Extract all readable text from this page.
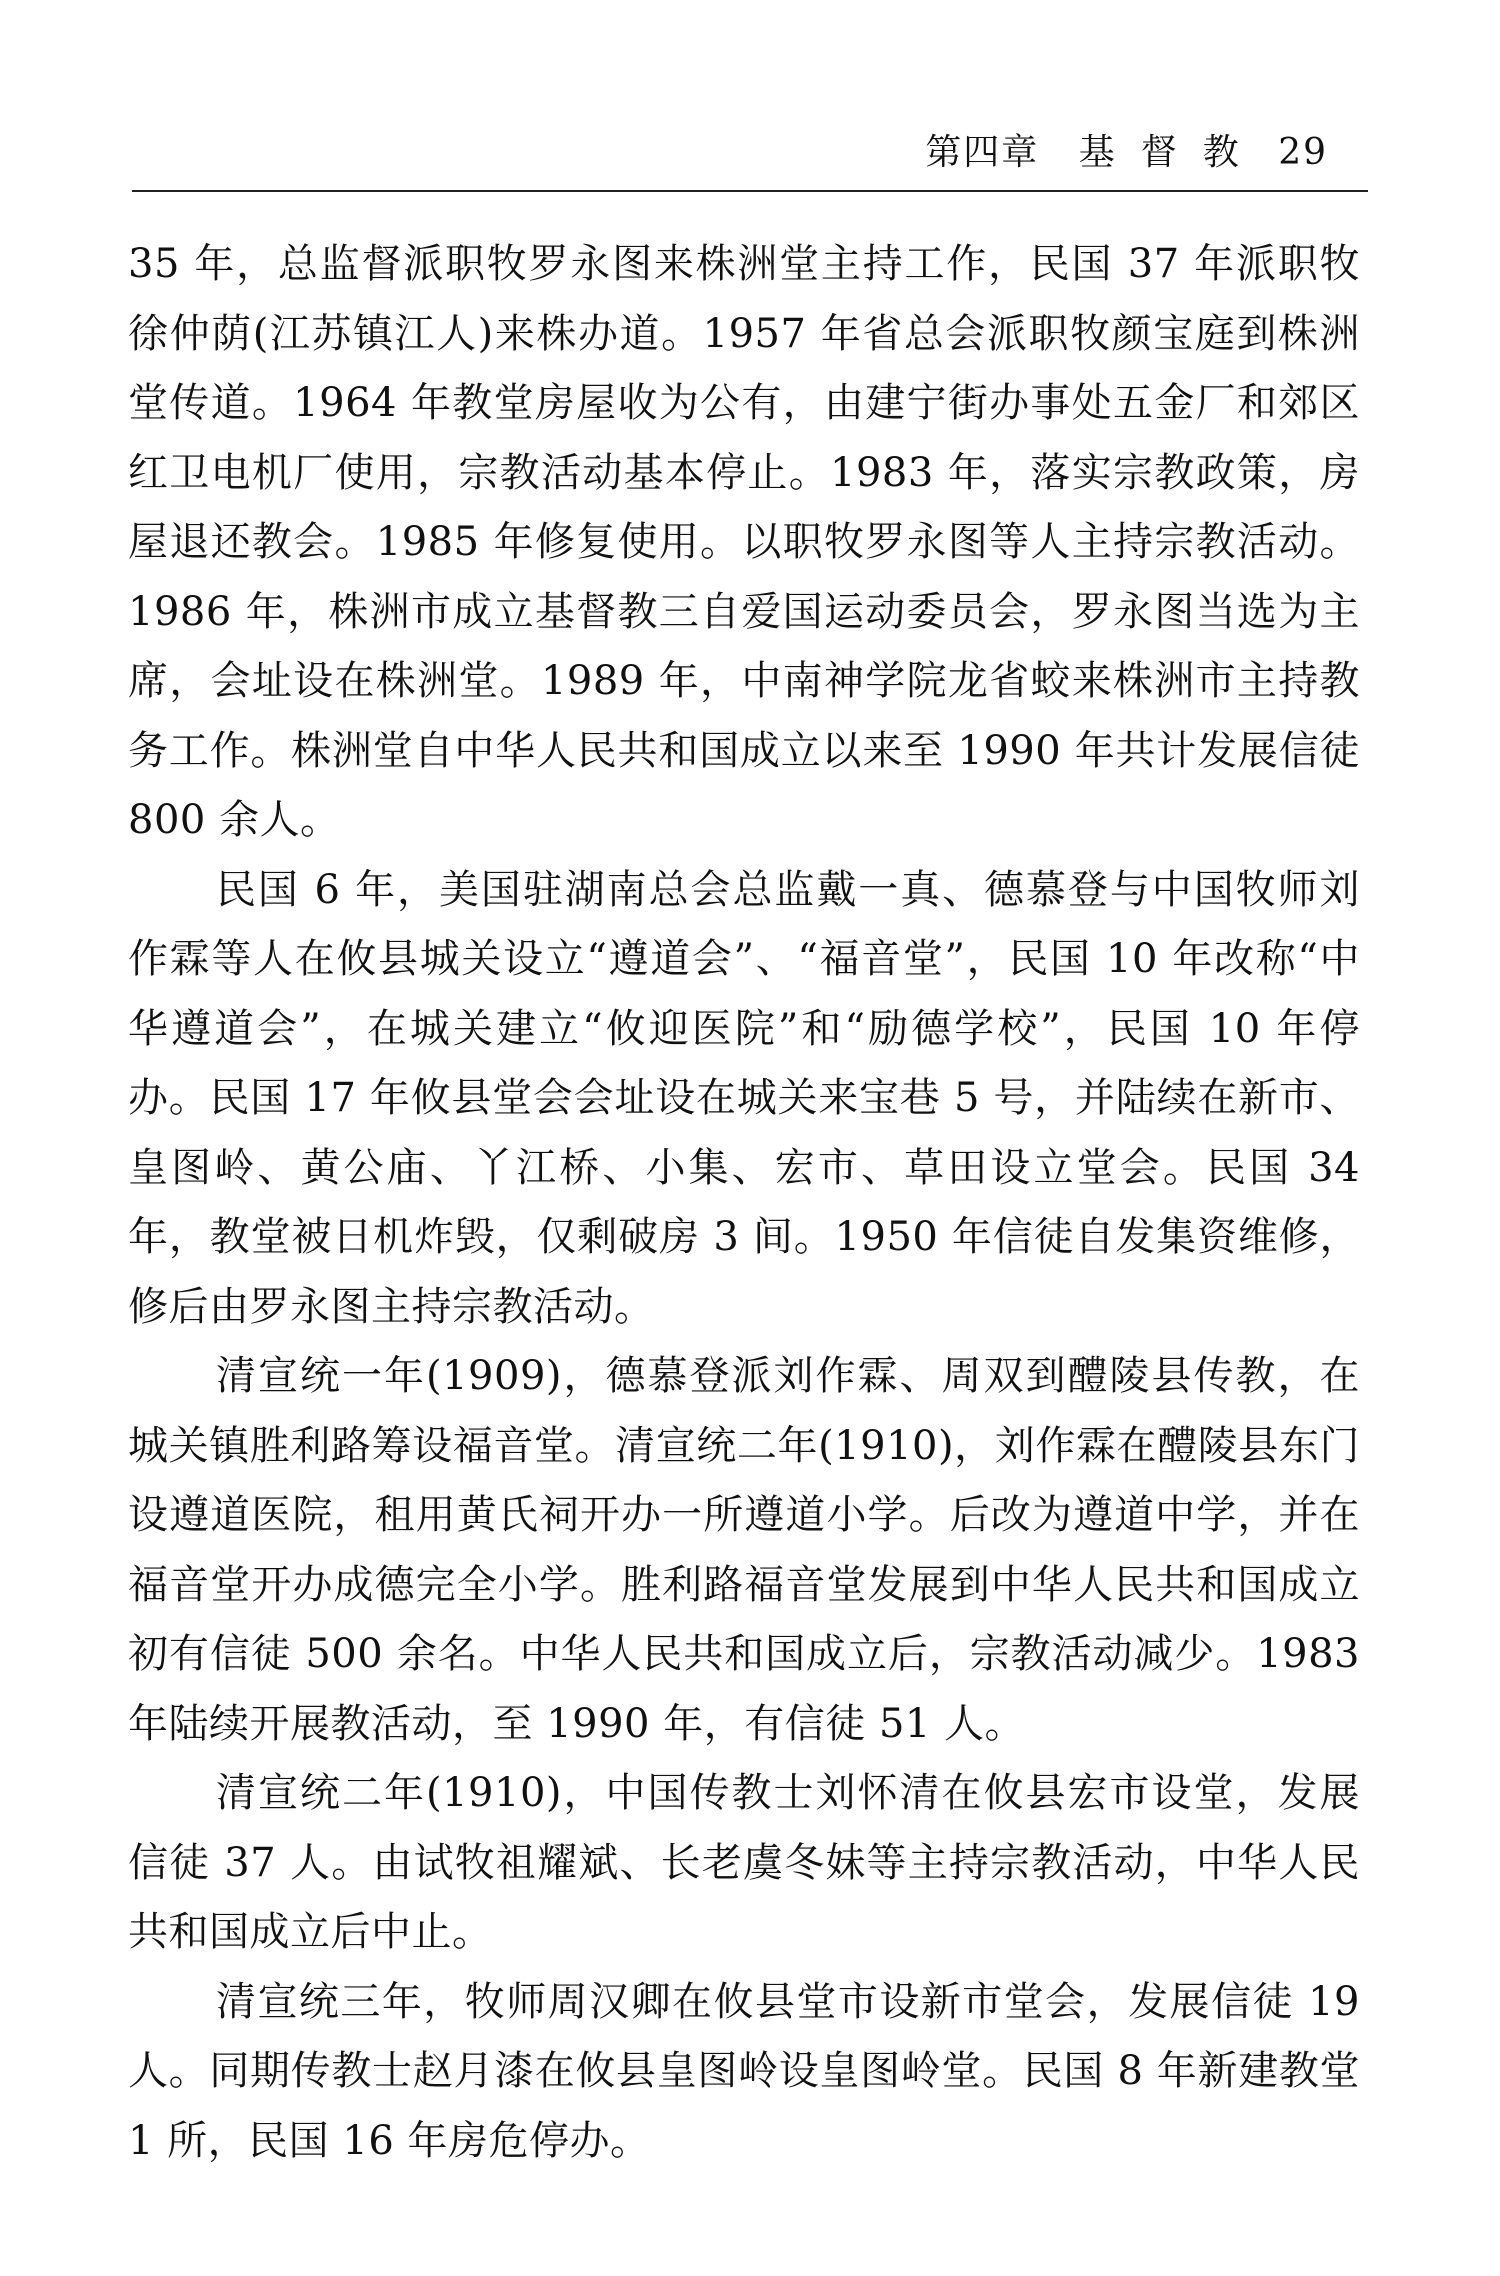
第四章 基督教 29

35 年，总监督派职牧罗永图来株洲堂主持工作，民国 37 年派职牧徐仲荫(江苏镇江人)来株办道。1957 年省总会派职牧颜宝庭到株洲堂传道。1964 年教堂房屋收为公有，由建宁街办事处五金厂和郊区红卫电机厂使用，宗教活动基本停止。1983 年，落实宗教政策，房屋退还教会。1985 年修复使用。以职牧罗永图等人主持宗教活动。1986 年，株洲市成立基督教三自爱国运动委员会，罗永图当选为主席，会址设在株洲堂。1989 年，中南神学院龙省蛟来株洲市主持教务工作。株洲堂自中华人民共和国成立以来至 1990 年共计发展信徒 800 余人。

民国 6 年，美国驻湖南总会总监戴一真、德慕登与中国牧师刘作霖等人在攸县城关设立“遵道会”、“福音堂”，民国 10 年改称“中华遵道会”，在城关建立“攸迎医院”和“励德学校”，民国 10 年停办。民国 17 年攸县堂会会址设在城关来宝巷 5 号，并陆续在新市、皇图岭、黄公庙、丫江桥、小集、宏市、草田设立堂会。民国 34 年，教堂被日机炸毁，仅剩破房 3 间。1950 年信徒自发集资维修，修后由罗永图主持宗教活动。

清宣统一年(1909)，德慕登派刘作霖、周双到醴陵县传教，在城关镇胜利路筹设福音堂。清宣统二年(1910)，刘作霖在醴陵县东门设遵道医院，租用黄氏祠开办一所遵道小学。后改为遵道中学，并在福音堂开办成德完全小学。胜利路福音堂发展到中华人民共和国成立初有信徒 500 余名。中华人民共和国成立后，宗教活动减少。1983 年陆续开展教活动，至 1990 年，有信徒 51 人。

清宣统二年(1910)，中国传教士刘怀清在攸县宏市设堂，发展信徒 37 人。由试牧祖耀斌、长老虞冬妹等主持宗教活动，中华人民共和国成立后中止。

清宣统三年，牧师周汉卿在攸县堂市设新市堂会，发展信徒 19 人。同期传教士赵月漆在攸县皇图岭设皇图岭堂。民国 8 年新建教堂 1 所，民国 16 年房危停办。
